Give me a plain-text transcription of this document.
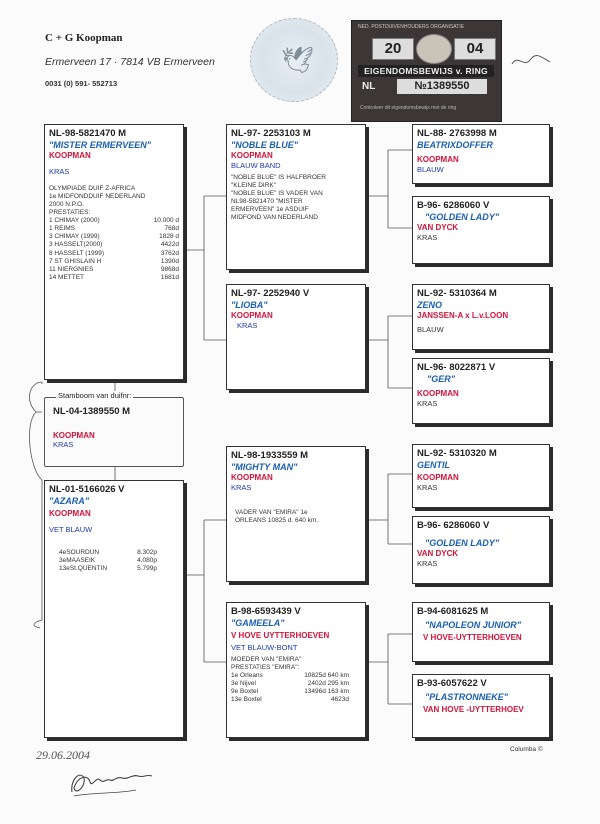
C + G Koopman
Ermerveen 17 · 7814 VB Ermerveen
0031 (0) 591- 552713
🕊
NED. POSTDUIVENHOUDERS ORGANISATIE
20	04
EIGENDOMSBEWIJS v. RING
NL	№1389550
Controleer dit eigendomsbewijs met de ring
NL-98-5821470 M
"MISTER ERMERVEEN"
KOOPMAN
KRAS
OLYMPIADE DUIF Z-AFRICA
1e MIDFONDDUIF NEDERLAND
2000 N.P.O.
PRESTATIES:
1 CHIMAY (2000)	10.000 d
1 REIMS	768d
3 CHIMAY (1999)	1828 d
3 HASSELT(2000)	4422d
8 HASSELT (1999)	3762d
7 ST GHISLAIN H	1390d
11 NIERGNIES	9868d
14 METTET	1681d
Stamboom van duifnr:
NL-04-1389550 M
KOOPMAN
KRAS
NL-01-5166026 V
"AZARA"
KOOPMAN
VET BLAUW
4eSOURDUN	8.302p
3eMAASEIK	4.080p
13eSt.QUENTIN	5.799p
NL-97- 2253103 M
"NOBLE BLUE"
KOOPMAN
BLAUW BAND
"NOBLE BLUE" IS HALFBROER
"KLEINE DIRK"
"NOBLE BLUE" IS VADER VAN
NL98-5821470 "MISTER
ERMERVEEN" 1e ASDUIF
MIDFOND VAN NEDERLAND
NL-97- 2252940 V
"LIOBA"
KOOPMAN
KRAS
NL-98-1933559 M
"MIGHTY MAN"
KOOPMAN
KRAS
VADER VAN "EMIRA" 1e
ORLEANS 10825 d. 640 km.
B-98-6593439 V
"GAMEELA"
V HOVE UYTTERHOEVEN
VET BLAUW-BONT
MOEDER VAN "EMIRA"
PRESTATIES "EMIRA":
1e Orleans	10825d 640 km
3e Nijvel	2402d 295 km
9e Boxtel	13496d 163 km
13e Boxtel	4623d
NL-88- 2763998 M
BEATRIXDOFFER
KOOPMAN
BLAUW
B-96- 6286060 V
"GOLDEN LADY"
VAN DYCK
KRAS
NL-92- 5310364 M
ZENO
JANSSEN-A x L.v.LOON
BLAUW
NL-96- 8022871 V
"GER"
KOOPMAN
KRAS
NL-92- 5310320 M
GENTIL
KOOPMAN
KRAS
B-96- 6286060 V
"GOLDEN LADY"
VAN DYCK
KRAS
B-94-6081625 M
"NAPOLEON JUNIOR"
V HOVE-UYTTERHOEVEN
B-93-6057622 V
"PLASTRONNEKE"
VAN HOVE -UYTTERHOEV
29.06.2004	Columba ©
